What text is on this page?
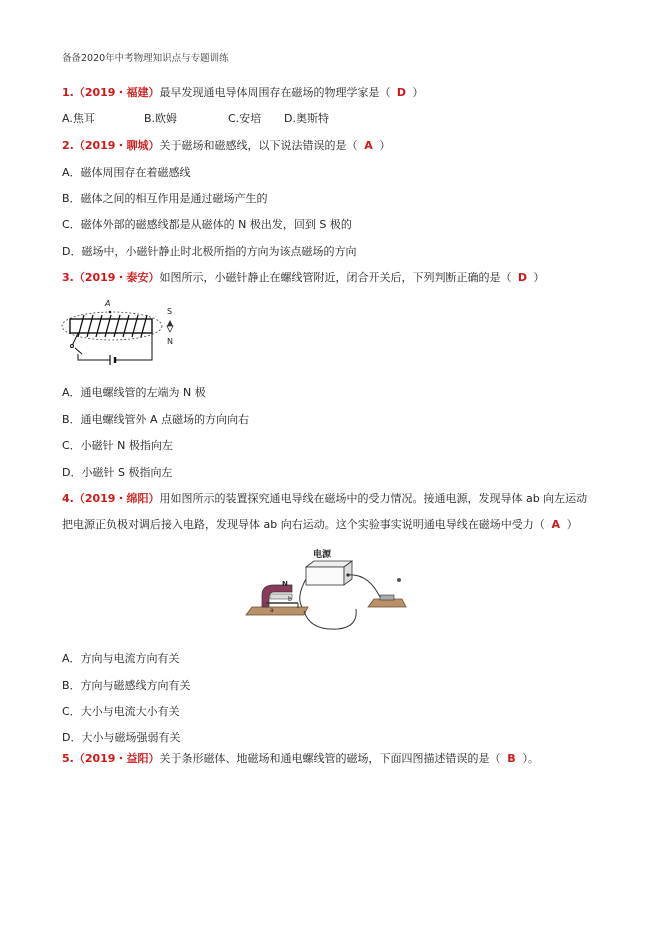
备备2020年中考物理知识点与专题训练
1.（2019・福建）最早发现通电导体周围存在磁场的物理学家是（ D ）
A.焦耳	B.欧姆	C.安培 D.奥斯特
2.（2019・聊城）关于磁场和磁感线，以下说法错误的是（ A ）
A．磁体周围存在着磁感线
B．磁体之间的相互作用是通过磁场产生的
C．磁体外部的磁感线都是从磁体的 N 极出发，回到 S 极的
D．磁场中，小磁针静止时北极所指的方向为该点磁场的方向
3.（2019・泰安）如图所示，小磁针静止在螺线管附近，闭合开关后，下列判断正确的是（ D ）
A
S
N
A．通电螺线管的左端为 N 极
B．通电螺线管外 A 点磁场的方向向右
C．小磁针 N 极指向左
D．小磁针 S 极指向左
4.（2019・绵阳）用如图所示的装置探究通电导线在磁场中的受力情况。接通电源，发现导体 ab 向左运动
把电源正负极对调后接入电路，发现导体 ab 向右运动。这个实验事实说明通电导线在磁场中受力（ A ）
电源
N
b
a
A．方向与电流方向有关
B．方向与磁感线方向有关
C．大小与电流大小有关
D．大小与磁场强弱有关
5.（2019・益阳）关于条形磁体、地磁场和通电螺线管的磁场，下面四图描述错误的是（ B ）。
